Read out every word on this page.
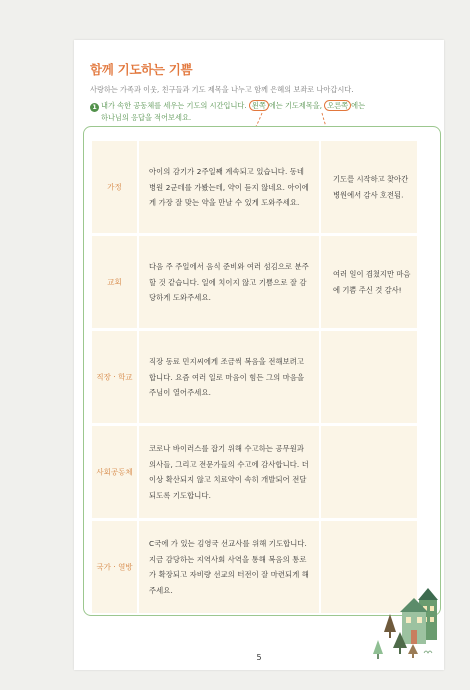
함께 기도하는 기쁨
사랑하는 가족과 이웃, 친구들과 기도 제목을 나누고 함께 은혜의 보좌로 나아갑시다.
1 내가 속한 공동체를 세우는 기도의 시간입니다. 왼쪽 에는 기도제목을, 오른쪽 에는
하나님의 응답을 적어보세요.
가정
아이의 감기가 2주일째 계속되고 있습니다. 동네 병원 2군데를 가봤는데, 약이 듣지 않네요. 아이에게 가장 잘 맞는 약을 만날 수 있게 도와주세요.
기도를 시작하고 찾아간 병원에서 감사 호전됨.
교회
다음 주 주일에서 음식 준비와 여러 섬김으로 분주할 것 같습니다. 일에 치이지 않고 기쁨으로 잘 감당하게 도와주세요.
여러 일이 겹쳤지만 마음에 기쁨 주신 것 감사!
직장 · 학교
직장 동료 민지씨에게 조금씩 복음을 전해보려고 합니다. 요즘 여러 일로 마음이 힘든 그의 마음을 주님이 열어주세요.
사회공동체
코로나 바이러스를 잡기 위해 수고하는 공무원과 의사들, 그리고 전문가들의 수고에 감사합니다. 더 이상 확산되지 않고 치료약이 속히 개발되어 전달되도록 기도합니다.
국가 · 열방
C국에 가 있는 김영국 선교사를 위해 기도합니다. 지금 감당하는 지역사회 사역을 통해 복음의 통로가 확장되고 자비량 선교의 터전이 잘 마련되게 해주세요.
5
